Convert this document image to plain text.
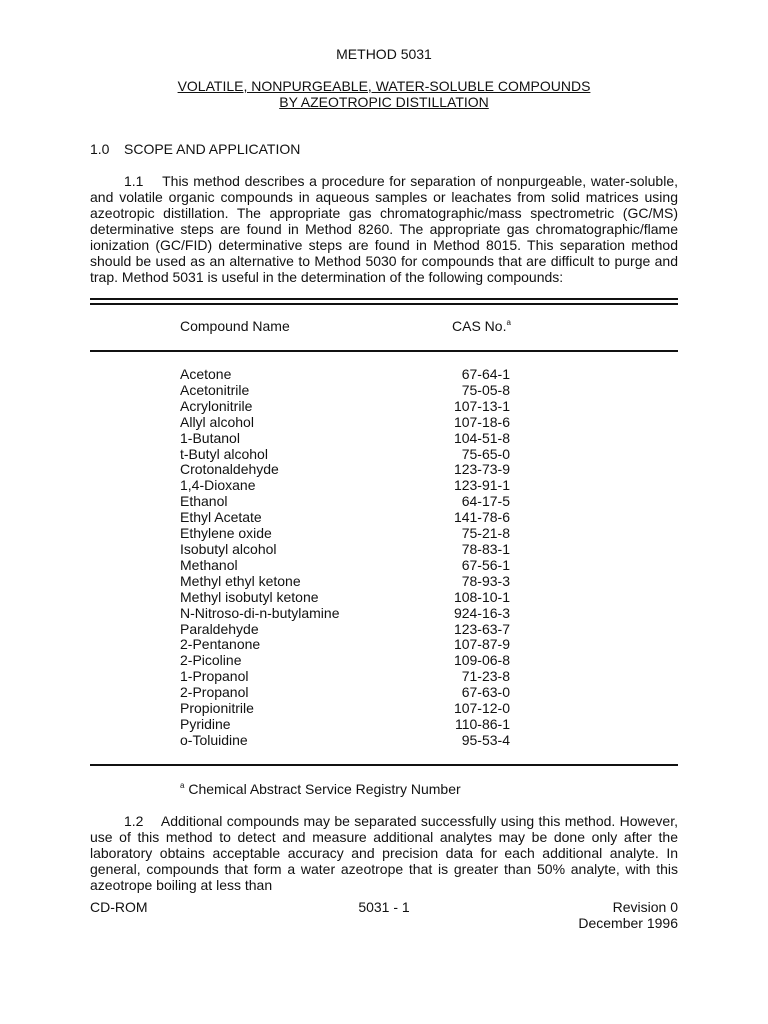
METHOD 5031
VOLATILE, NONPURGEABLE, WATER-SOLUBLE COMPOUNDS
BY AZEOTROPIC DISTILLATION
1.0 SCOPE AND APPLICATION

1.1 This method describes a procedure for separation of nonpurgeable, water-soluble, and volatile organic compounds in aqueous samples or leachates from solid matrices using azeotropic distillation. The appropriate gas chromatographic/mass spectrometric (GC/MS) determinative steps are found in Method 8260. The appropriate gas chromatographic/flame ionization (GC/FID) determinative steps are found in Method 8015. This separation method should be used as an alternative to Method 5030 for compounds that are difficult to purge and trap. Method 5031 is useful in the determination of the following compounds:

Compound Name	CAS No.$^a$
Acetone	67-64-1
Acetonitrile	75-05-8
Acrylonitrile	107-13-1
Allyl alcohol	107-18-6
1-Butanol	104-51-8
t-Butyl alcohol	75-65-0
Crotonaldehyde	123-73-9
1,4-Dioxane	123-91-1
Ethanol	64-17-5
Ethyl Acetate	141-78-6
Ethylene oxide	75-21-8
Isobutyl alcohol	78-83-1
Methanol	67-56-1
Methyl ethyl ketone	78-93-3
Methyl isobutyl ketone	108-10-1
N-Nitroso-di-n-butylamine	924-16-3
Paraldehyde	123-63-7
2-Pentanone	107-87-9
2-Picoline	109-06-8
1-Propanol	71-23-8
2-Propanol	67-63-0
Propionitrile	107-12-0
Pyridine	110-86-1
o-Toluidine	95-53-4
$^a$ Chemical Abstract Service Registry Number

1.2 Additional compounds may be separated successfully using this method. However, use of this method to detect and measure additional analytes may be done only after the laboratory obtains acceptable accuracy and precision data for each additional analyte. In general, compounds that form a water azeotrope that is greater than 50% analyte, with this azeotrope boiling at less than

CD-ROM	5031 - 1	Revision 0
December 1996
